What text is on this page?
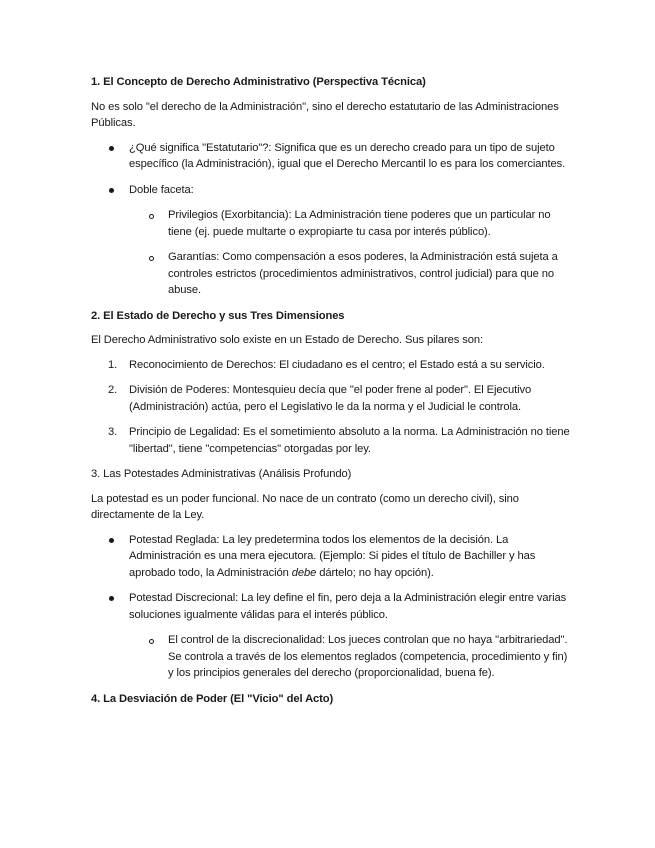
1. El Concepto de Derecho Administrativo (Perspectiva Técnica)
No es solo "el derecho de la Administración", sino el derecho estatutario de las Administraciones Públicas.
¿Qué significa "Estatutario"?: Significa que es un derecho creado para un tipo de sujeto específico (la Administración), igual que el Derecho Mercantil lo es para los comerciantes.
Doble faceta:
Privilegios (Exorbitancia): La Administración tiene poderes que un particular no tiene (ej. puede multarte o expropiarte tu casa por interés público).
Garantías: Como compensación a esos poderes, la Administración está sujeta a controles estrictos (procedimientos administrativos, control judicial) para que no abuse.
2. El Estado de Derecho y sus Tres Dimensiones
El Derecho Administrativo solo existe en un Estado de Derecho. Sus pilares son:
1. Reconocimiento de Derechos: El ciudadano es el centro; el Estado está a su servicio.
2. División de Poderes: Montesquieu decía que "el poder frene al poder". El Ejecutivo (Administración) actúa, pero el Legislativo le da la norma y el Judicial le controla.
3. Principio de Legalidad: Es el sometimiento absoluto a la norma. La Administración no tiene "libertad", tiene "competencias" otorgadas por ley.
3. Las Potestades Administrativas (Análisis Profundo)
La potestad es un poder funcional. No nace de un contrato (como un derecho civil), sino directamente de la Ley.
Potestad Reglada: La ley predetermina todos los elementos de la decisión. La Administración es una mera ejecutora. (Ejemplo: Si pides el título de Bachiller y has aprobado todo, la Administración debe dártelo; no hay opción).
Potestad Discrecional: La ley define el fin, pero deja a la Administración elegir entre varias soluciones igualmente válidas para el interés público.
El control de la discrecionalidad: Los jueces controlan que no haya "arbitrariedad". Se controla a través de los elementos reglados (competencia, procedimiento y fin) y los principios generales del derecho (proporcionalidad, buena fe).
4. La Desviación de Poder (El "Vicio" del Acto)
